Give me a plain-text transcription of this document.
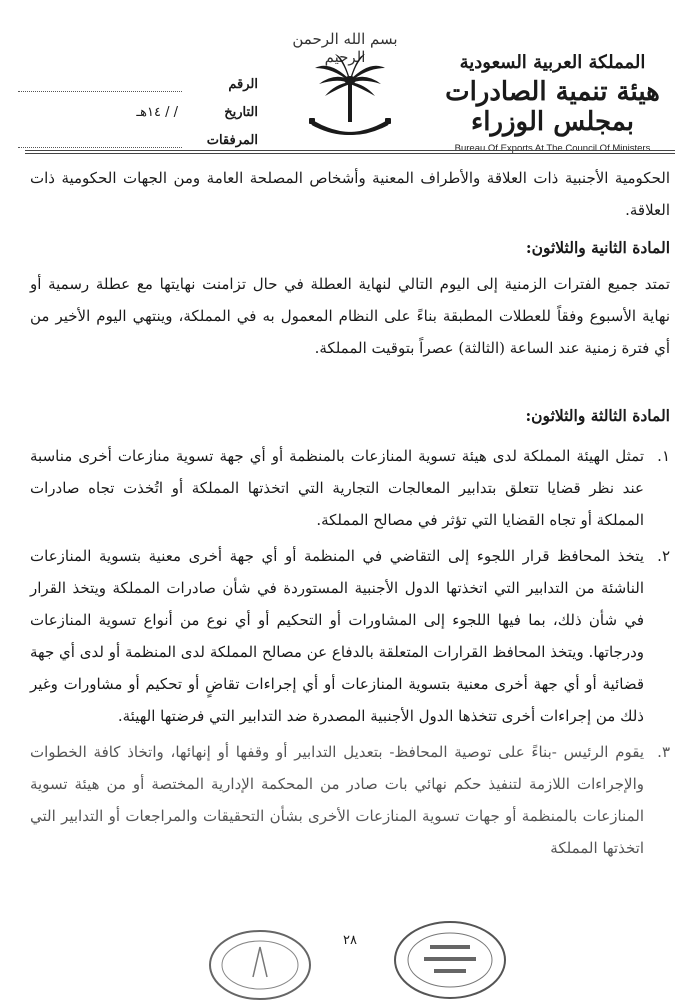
بسم الله الرحمن الرحيم
الرقم
التاريخ
/ / ١٤هـ
المرفقات
المملكة العربية السعودية
هيئة تنمية الصادرات بمجلس الوزراء
Bureau Of Exports At The Council Of Ministers

الحكومية الأجنبية ذات العلاقة والأطراف المعنية وأشخاص المصلحة العامة ومن الجهات الحكومية ذات العلاقة.

المادة الثانية والثلاثون:

تمتد جميع الفترات الزمنية إلى اليوم التالي لنهاية العطلة في حال تزامنت نهايتها مع عطلة رسمية أو نهاية الأسبوع وفقاً للعطلات المطبقة بناءً على النظام المعمول به في المملكة، وينتهي اليوم الأخير من أي فترة زمنية عند الساعة (الثالثة) عصراً بتوقيت المملكة.

المادة الثالثة والثلاثون:

١.

تمثل الهيئة المملكة لدى هيئة تسوية المنازعات بالمنظمة أو أي جهة تسوية منازعات أخرى مناسبة عند نظر قضايا تتعلق بتدابير المعالجات التجارية التي اتخذتها المملكة أو اتُخذت تجاه صادرات المملكة أو تجاه القضايا التي تؤثر في مصالح المملكة.

٢.

يتخذ المحافظ قرار اللجوء إلى التقاضي في المنظمة أو أي جهة أخرى معنية بتسوية المنازعات الناشئة من التدابير التي اتخذتها الدول الأجنبية المستوردة في شأن صادرات المملكة ويتخذ القرار في شأن ذلك، بما فيها اللجوء إلى المشاورات أو التحكيم أو أي نوع من أنواع تسوية المنازعات ودرجاتها. ويتخذ المحافظ القرارات المتعلقة بالدفاع عن مصالح المملكة لدى المنظمة أو لدى أي جهة قضائية أو أي جهة أخرى معنية بتسوية المنازعات أو أي إجراءات تقاضٍ أو تحكيم أو مشاورات وغير ذلك من إجراءات أخرى تتخذها الدول الأجنبية المصدرة ضد التدابير التي فرضتها الهيئة.

٣.

يقوم الرئيس -بناءً على توصية المحافظ- بتعديل التدابير أو وقفها أو إنهائها، واتخاذ كافة الخطوات والإجراءات اللازمة لتنفيذ حكم نهائي بات صادر من المحكمة الإدارية المختصة أو من هيئة تسوية المنازعات بالمنظمة أو جهات تسوية المنازعات الأخرى بشأن التحقيقات والمراجعات أو التدابير التي اتخذتها المملكة

٢٨
